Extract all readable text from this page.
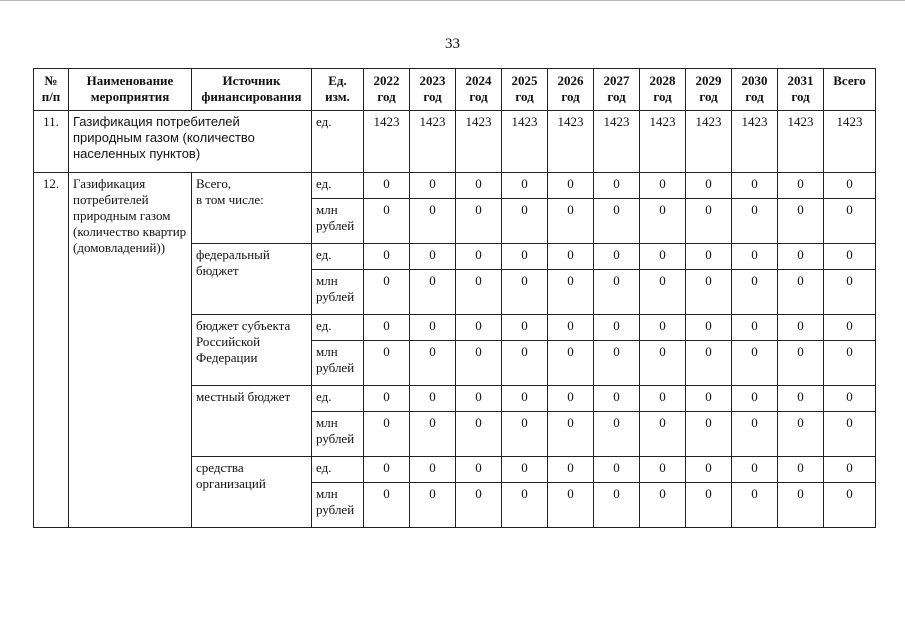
33
№ п/п	Наименование мероприятия	Источник финансирования	Ед. изм.	2022 год	2023 год	2024 год	2025 год	2026 год	2027 год	2028 год	2029 год	2030 год	2031 год	Всего
11.	Газификация потребителей природным газом (количество населенных пунктов)		ед.	1423	1423	1423	1423	1423	1423	1423	1423	1423	1423	1423
12.	Газификация потребителей природным газом (количество квартир (домовладений))	Всего,
в том числе:	ед.	0	0	0	0	0	0	0	0	0	0	0
			млн рублей	0	0	0	0	0	0	0	0	0	0	0
		федеральный бюджет	ед.	0	0	0	0	0	0	0	0	0	0	0
			млн рублей	0	0	0	0	0	0	0	0	0	0	0
		бюджет субъекта Российской Федерации	ед.	0	0	0	0	0	0	0	0	0	0	0
			млн рублей	0	0	0	0	0	0	0	0	0	0	0
		местный бюджет	ед.	0	0	0	0	0	0	0	0	0	0	0
			млн рублей	0	0	0	0	0	0	0	0	0	0	0
		средства организаций	ед.	0	0	0	0	0	0	0	0	0	0	0
			млн рублей	0	0	0	0	0	0	0	0	0	0	0
